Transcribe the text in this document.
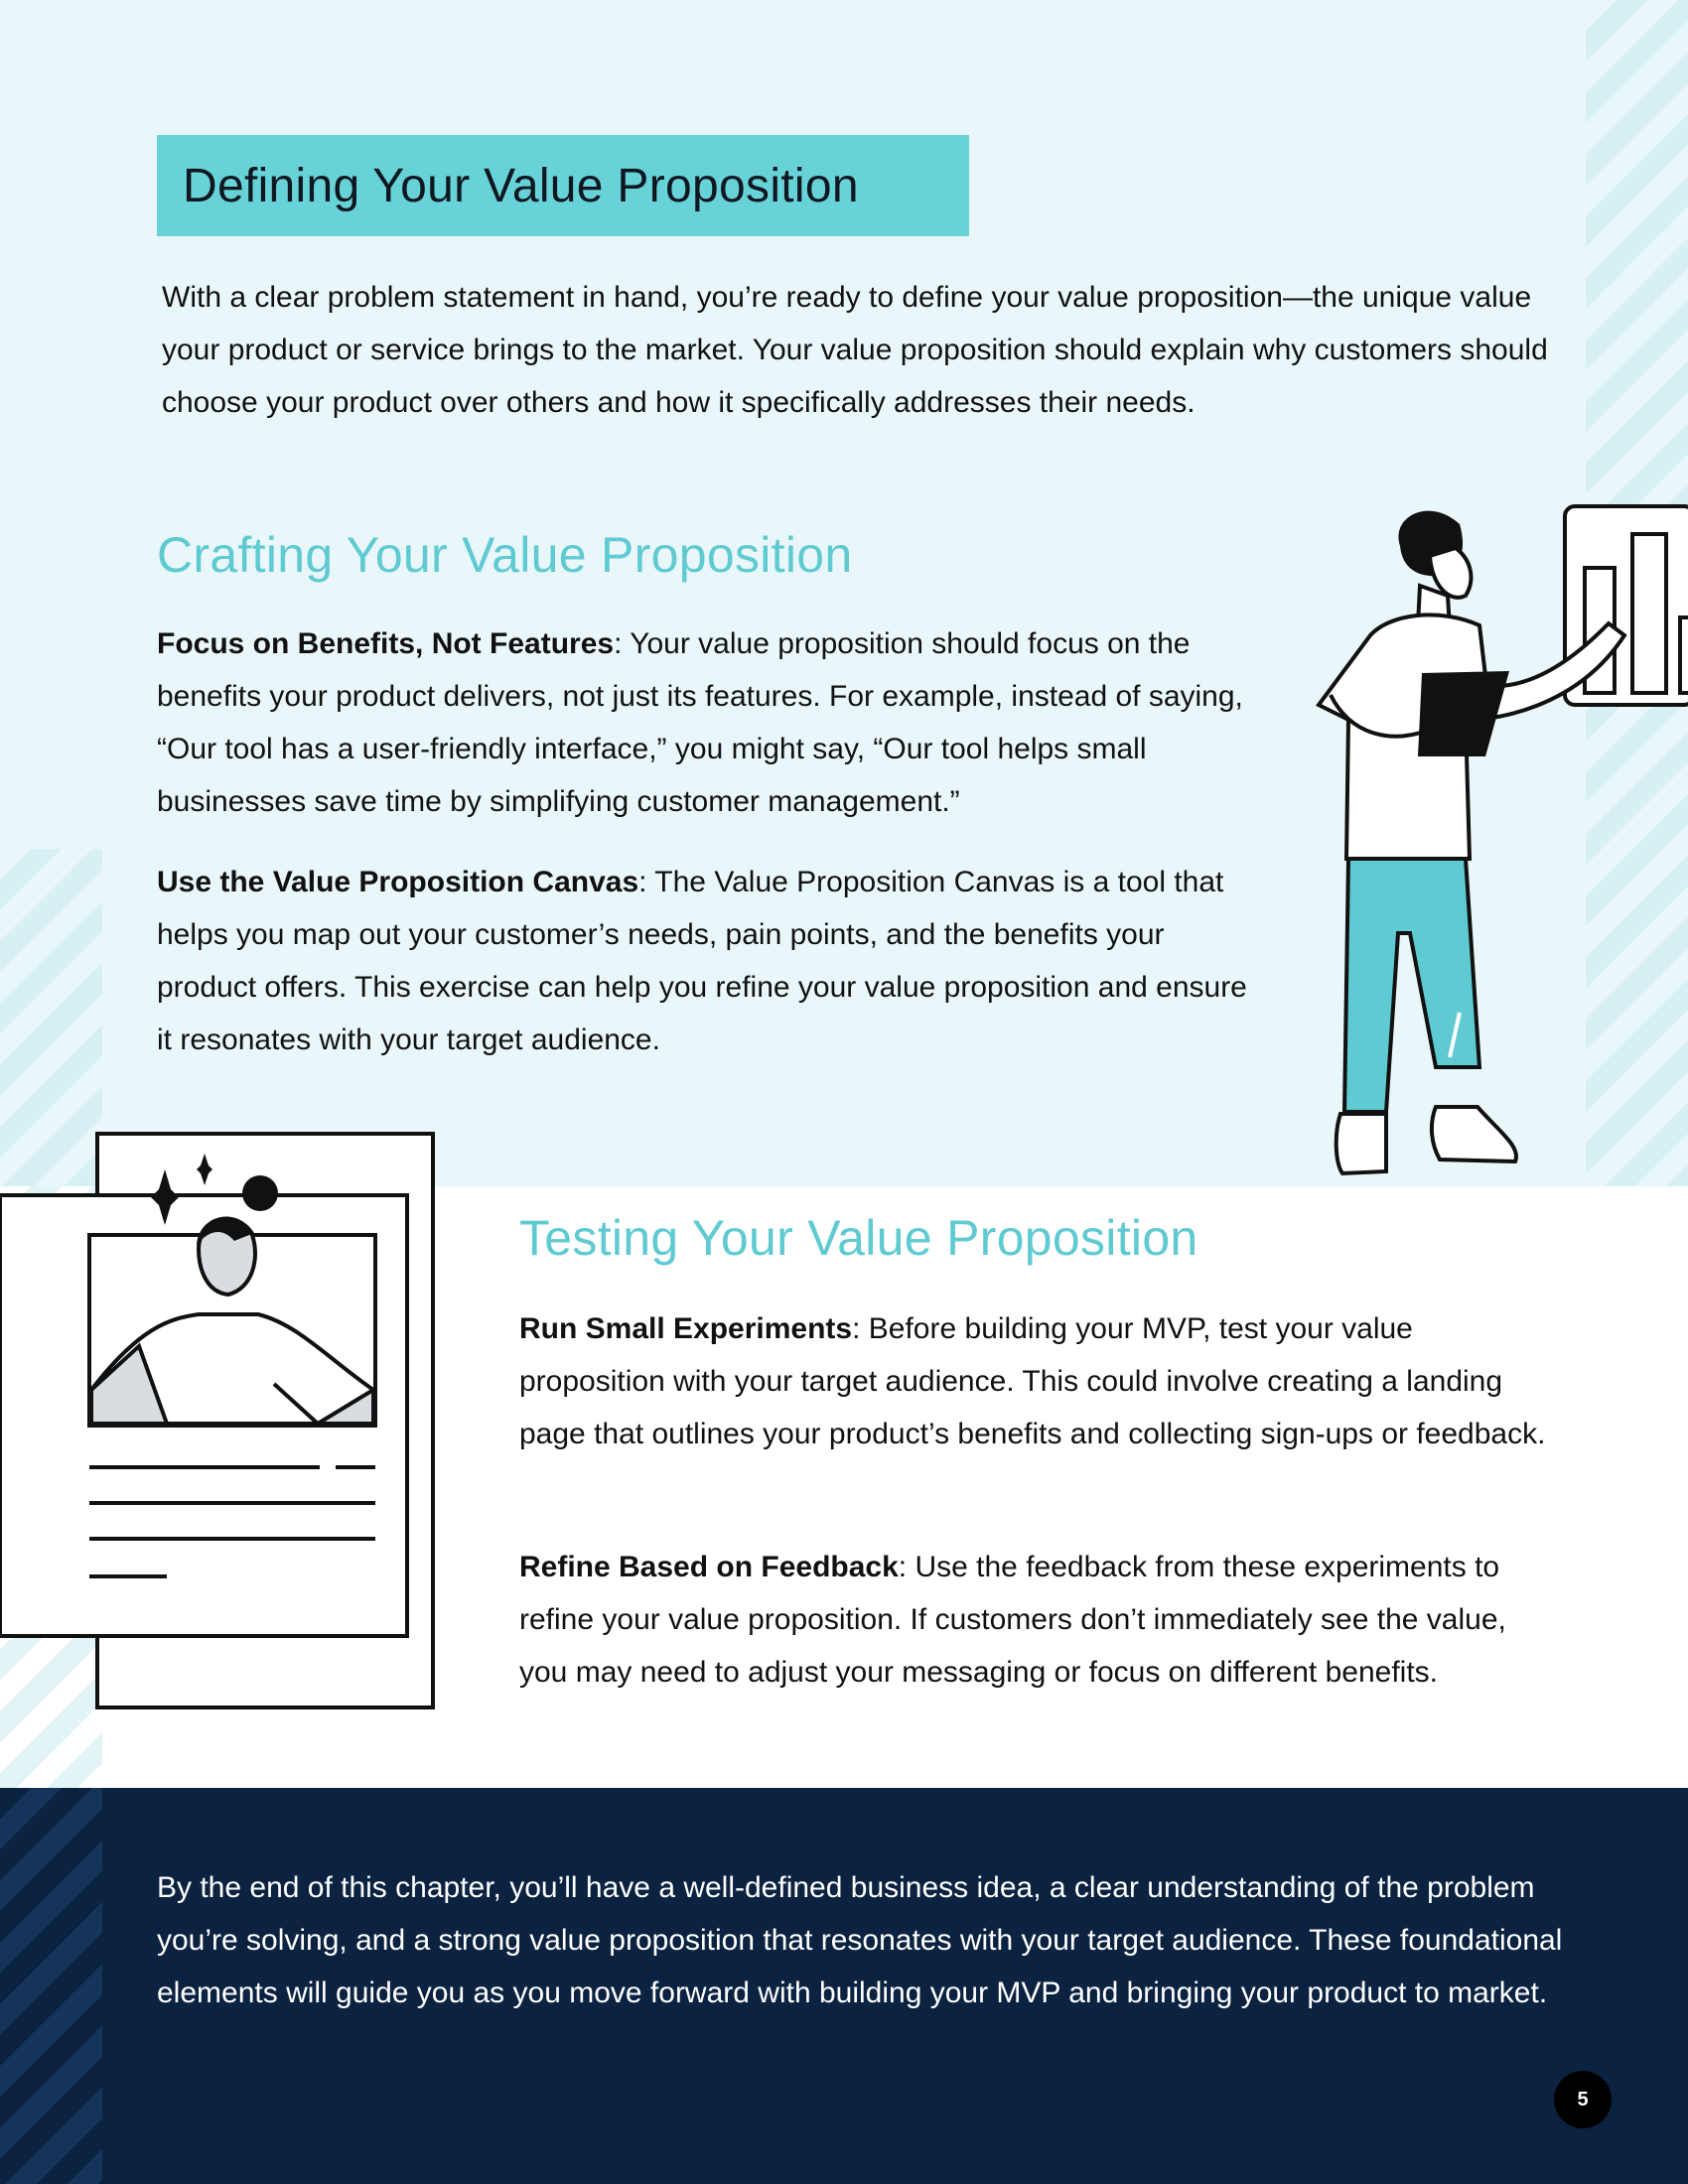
Defining Your Value Proposition

With a clear problem statement in hand, you’re ready to define your value proposition—the unique value your product or service brings to the market. Your value proposition should explain why customers should choose your product over others and how it specifically addresses their needs.

Crafting Your Value Proposition

Focus on Benefits, Not Features: Your value proposition should focus on the benefits your product delivers, not just its features. For example, instead of saying, “Our tool has a user-friendly interface,” you might say, “Our tool helps small businesses save time by simplifying customer management.”

Use the Value Proposition Canvas: The Value Proposition Canvas is a tool that helps you map out your customer’s needs, pain points, and the benefits your product offers. This exercise can help you refine your value proposition and ensure it resonates with your target audience.

Testing Your Value Proposition

Run Small Experiments: Before building your MVP, test your value proposition with your target audience. This could involve creating a landing page that outlines your product’s benefits and collecting sign-ups or feedback.

Refine Based on Feedback: Use the feedback from these experiments to refine your value proposition. If customers don’t immediately see the value, you may need to adjust your messaging or focus on different benefits.

By the end of this chapter, you’ll have a well-defined business idea, a clear understanding of the problem you’re solving, and a strong value proposition that resonates with your target audience. These foundational elements will guide you as you move forward with building your MVP and bringing your product to market.

5
